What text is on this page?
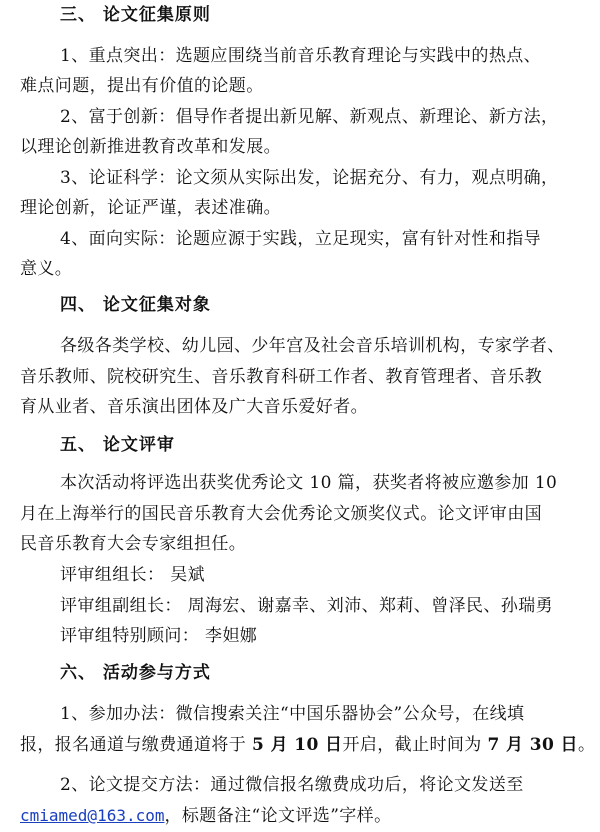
三、 论文征集原则
1、重点突出：选题应围绕当前音乐教育理论与实践中的热点、
难点问题，提出有价值的论题。
2、富于创新：倡导作者提出新见解、新观点、新理论、新方法，
以理论创新推进教育改革和发展。
3、论证科学：论文须从实际出发，论据充分、有力，观点明确，
理论创新，论证严谨，表述准确。
4、面向实际：论题应源于实践，立足现实，富有针对性和指导
意义。
四、 论文征集对象
各级各类学校、幼儿园、少年宫及社会音乐培训机构，专家学者、
音乐教师、院校研究生、音乐教育科研工作者、教育管理者、音乐教
育从业者、音乐演出团体及广大音乐爱好者。
五、 论文评审
本次活动将评选出获奖优秀论文 10 篇，获奖者将被应邀参加 10
月在上海举行的国民音乐教育大会优秀论文颁奖仪式。论文评审由国
民音乐教育大会专家组担任。
评审组组长： 吴斌
评审组副组长： 周海宏、谢嘉幸、刘沛、郑莉、曾泽民、孙瑞勇
评审组特别顾问： 李妲娜
六、 活动参与方式
1、参加办法：微信搜索关注“中国乐器协会”公众号，在线填
报，报名通道与缴费通道将于 5 月 10 日开启，截止时间为 7 月 30 日。
2、论文提交方法：通过微信报名缴费成功后，将论文发送至
cmiamed@163.com，标题备注“论文评选”字样。
